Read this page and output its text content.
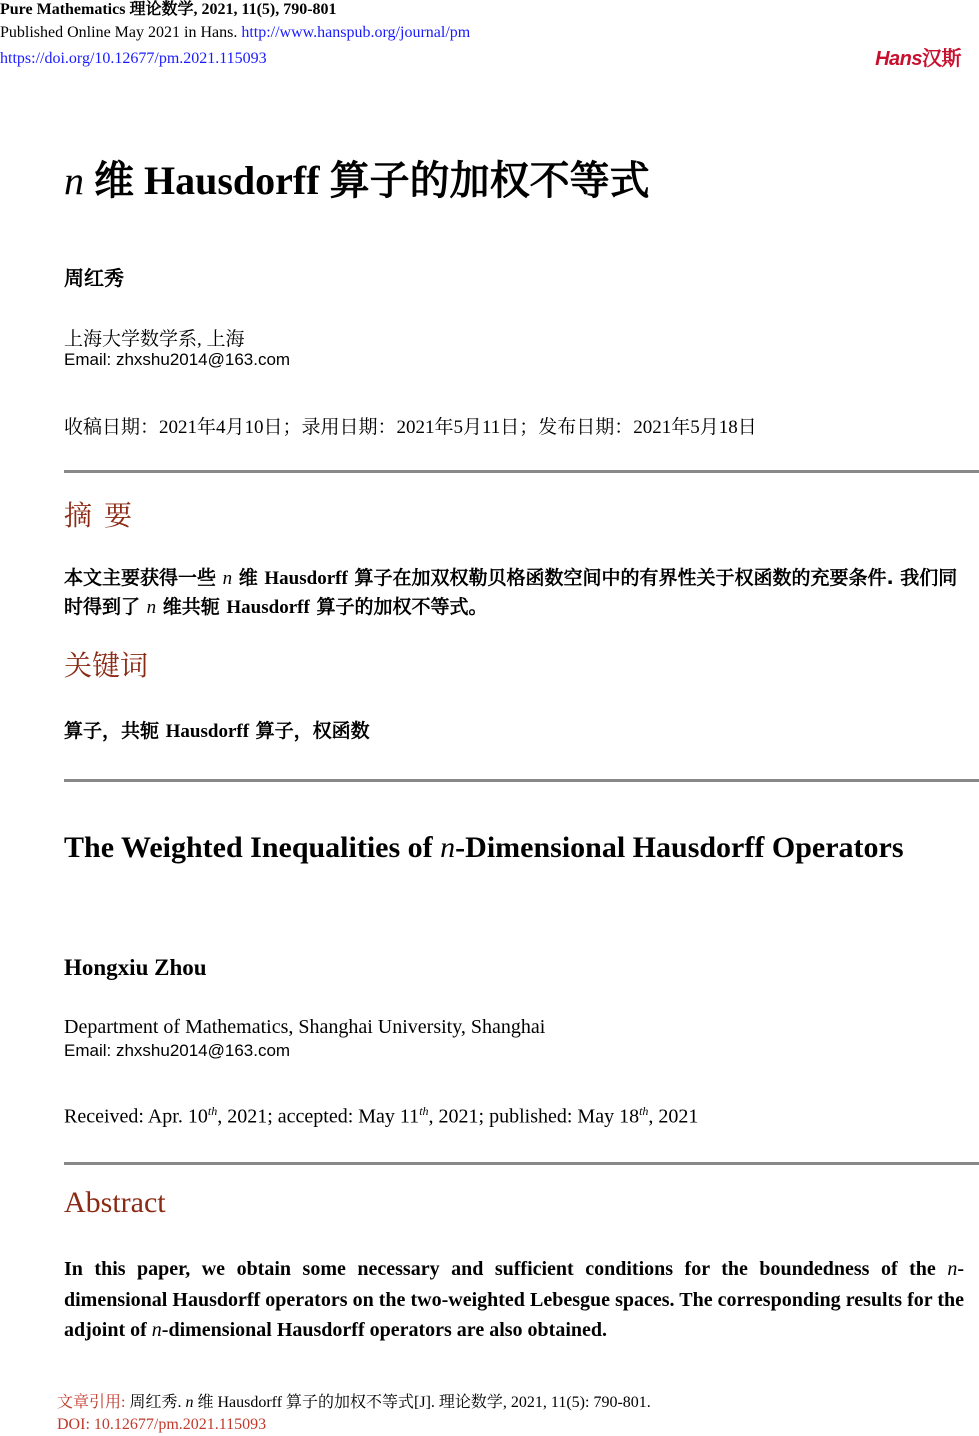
Pure Mathematics 理论数学, 2021, 11(5), 790-801
Published Online May 2021 in Hans. http://www.hanspub.org/journal/pm
https://doi.org/10.12677/pm.2021.115093	Hans汉斯
n 维 Hausdorff 算子的加权不等式
周红秀
上海大学数学系, 上海
Email: zhxshu2014@163.com
收稿日期：2021年4月10日；录用日期：2021年5月11日；发布日期：2021年5月18日
摘要
本文主要获得一些 n 维 Hausdorff 算子在加双权勒贝格函数空间中的有界性关于权函数的充要条件. 我们同时得到了 n 维共轭 Hausdorff 算子的加权不等式。
关键词
算子，共轭 Hausdorff 算子，权函数
The Weighted Inequalities of n-Dimensional Hausdorff Operators
Hongxiu Zhou
Department of Mathematics, Shanghai University, Shanghai
Email: zhxshu2014@163.com
Received: Apr. 10th, 2021; accepted: May 11th, 2021; published: May 18th, 2021
Abstract
In this paper, we obtain some necessary and sufficient conditions for the boundedness of the n-dimensional Hausdorff operators on the two-weighted Lebesgue spaces. The corresponding results for the adjoint of n-dimensional Hausdorff operators are also obtained.
文章引用: 周红秀. n 维 Hausdorff 算子的加权不等式[J]. 理论数学, 2021, 11(5): 790-801.
DOI: 10.12677/pm.2021.115093
